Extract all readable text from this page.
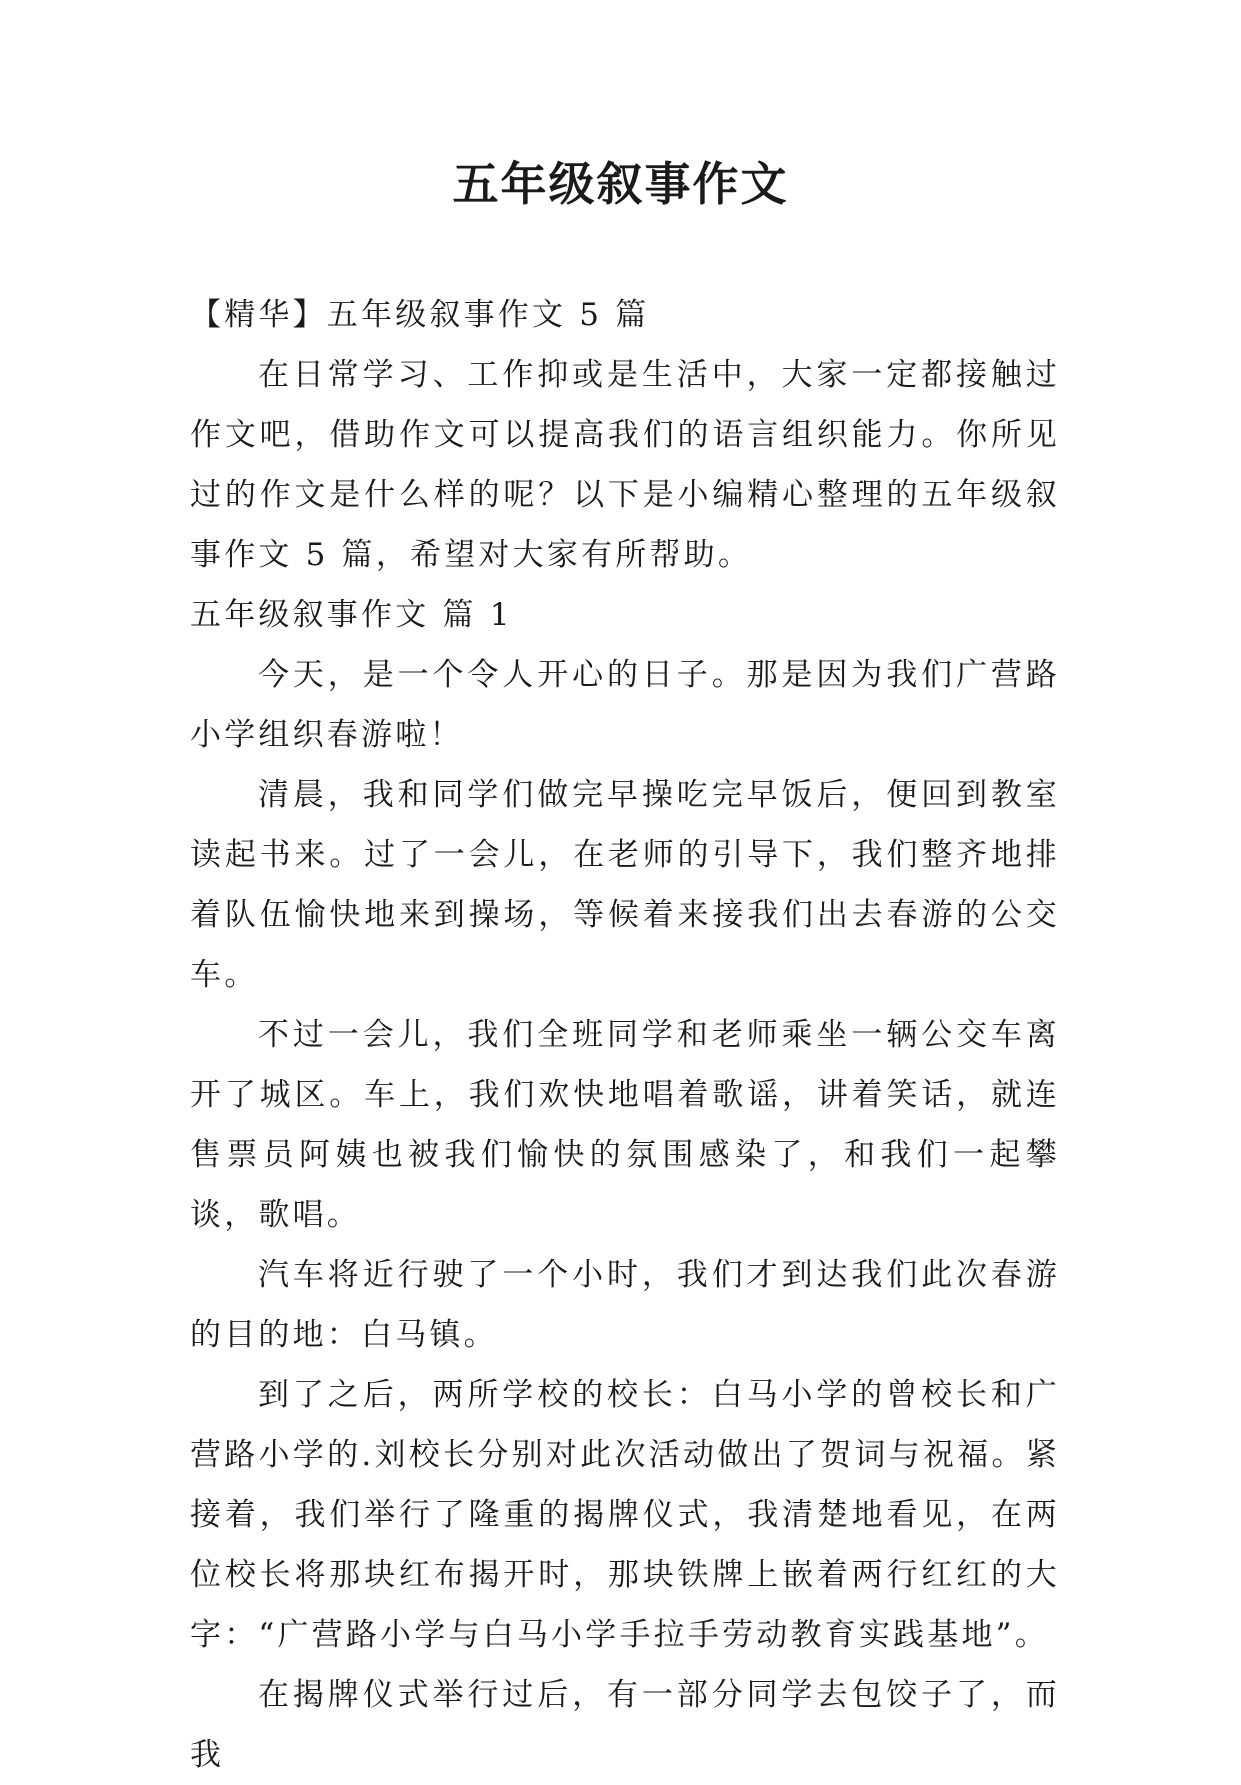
五年级叙事作文

【精华】五年级叙事作文 5 篇

在日常学习、工作抑或是生活中，大家一定都接触过作文吧，借助作文可以提高我们的语言组织能力。你所见过的作文是什么样的呢？以下是小编精心整理的五年级叙事作文 5 篇，希望对大家有所帮助。

五年级叙事作文 篇 1

今天，是一个令人开心的日子。那是因为我们广营路小学组织春游啦！

清晨，我和同学们做完早操吃完早饭后，便回到教室读起书来。过了一会儿，在老师的引导下，我们整齐地排着队伍愉快地来到操场，等候着来接我们出去春游的公交车。

不过一会儿，我们全班同学和老师乘坐一辆公交车离开了城区。车上，我们欢快地唱着歌谣，讲着笑话，就连售票员阿姨也被我们愉快的氛围感染了，和我们一起攀谈，歌唱。

汽车将近行驶了一个小时，我们才到达我们此次春游的目的地：白马镇。

到了之后，两所学校的校长：白马小学的曾校长和广营路小学的.刘校长分别对此次活动做出了贺词与祝福。紧接着，我们举行了隆重的揭牌仪式，我清楚地看见，在两位校长将那块红布揭开时，那块铁牌上嵌着两行红红的大字：“广营路小学与白马小学手拉手劳动教育实践基地”。

在揭牌仪式举行过后，有一部分同学去包饺子了，而我
